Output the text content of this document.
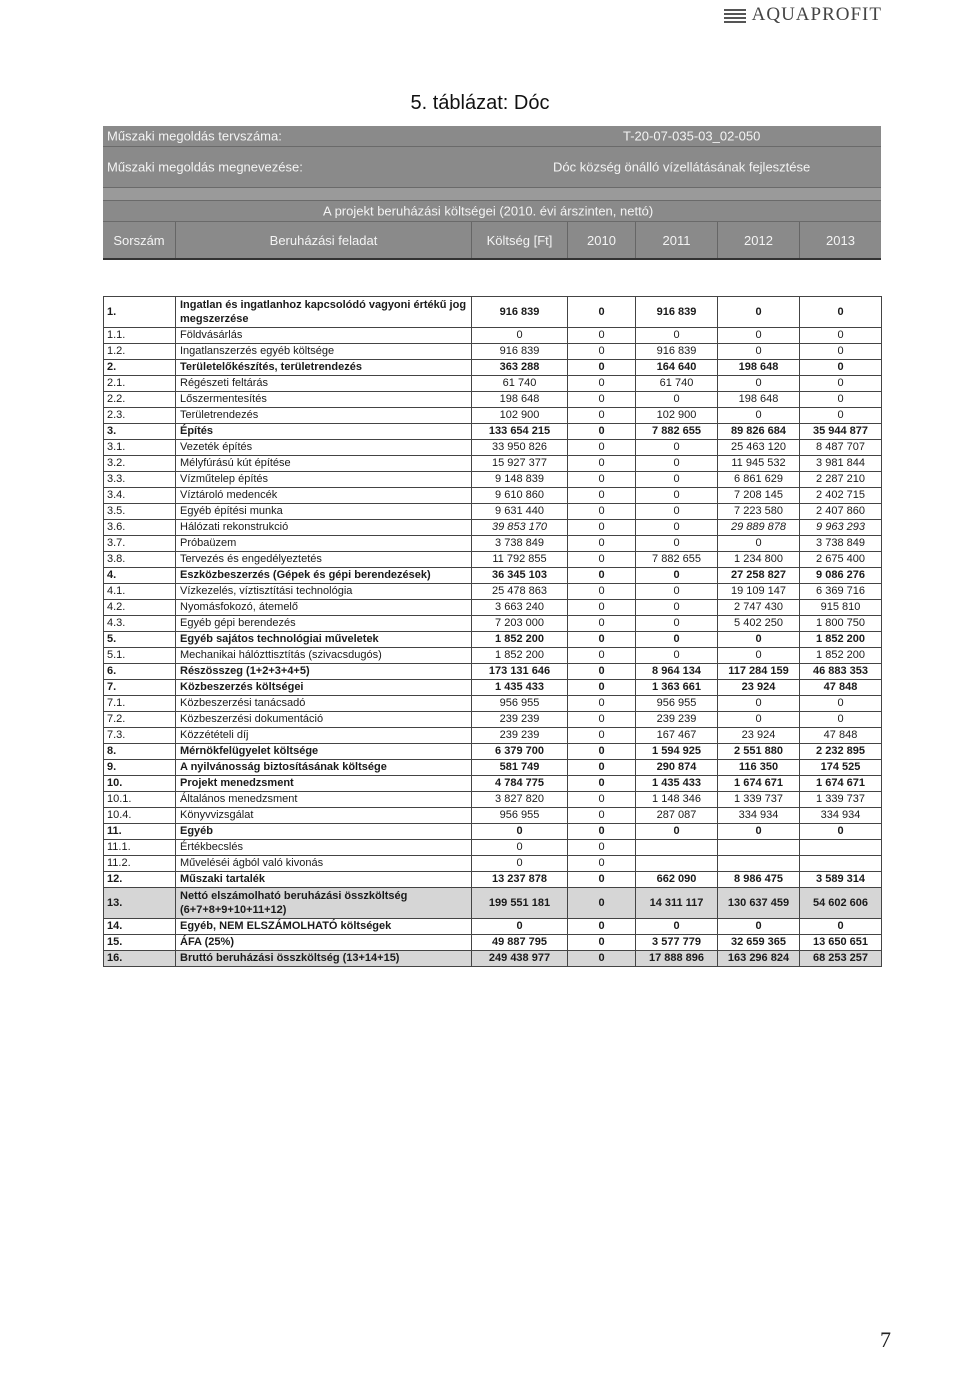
AQUAPROFIT
5. táblázat: Dóc
Műszaki megoldás tervszáma:	T-20-07-035-03_02-050
Műszaki megoldás megnevezése:	Dóc község önálló vízellátásának fejlesztése
A projekt beruházási költségei (2010. évi árszinten, nettó)
Sorszám	Beruházási feladat	Költség [Ft]	2010	2011	2012	2013
1.	Ingatlan és ingatlanhoz kapcsolódó vagyoni értékű jog megszerzése	916 839	0	916 839	0	0
1.1.	Földvásárlás	0	0	0	0	0
1.2.	Ingatlanszerzés egyéb költsége	916 839	0	916 839	0	0
2.	Területelőkészítés, területrendezés	363 288	0	164 640	198 648	0
2.1.	Régészeti feltárás	61 740	0	61 740	0	0
2.2.	Lőszermentesítés	198 648	0	0	198 648	0
2.3.	Területrendezés	102 900	0	102 900	0	0
3.	Építés	133 654 215	0	7 882 655	89 826 684	35 944 877
3.1.	Vezeték építés	33 950 826	0	0	25 463 120	8 487 707
3.2.	Mélyfúrású kút építése	15 927 377	0	0	11 945 532	3 981 844
3.3.	Vízműtelep építés	9 148 839	0	0	6 861 629	2 287 210
3.4.	Víztároló medencék	9 610 860	0	0	7 208 145	2 402 715
3.5.	Egyéb építési munka	9 631 440	0	0	7 223 580	2 407 860
3.6.	Hálózati rekonstrukció	39 853 170	0	0	29 889 878	9 963 293
3.7.	Próbaüzem	3 738 849	0	0	0	3 738 849
3.8.	Tervezés és engedélyeztetés	11 792 855	0	7 882 655	1 234 800	2 675 400
4.	Eszközbeszerzés (Gépek és gépi berendezések)	36 345 103	0	0	27 258 827	9 086 276
4.1.	Vízkezelés, víztisztítási technológia	25 478 863	0	0	19 109 147	6 369 716
4.2.	Nyomásfokozó, átemelő	3 663 240	0	0	2 747 430	915 810
4.3.	Egyéb gépi berendezés	7 203 000	0	0	5 402 250	1 800 750
5.	Egyéb sajátos technológiai műveletek	1 852 200	0	0	0	1 852 200
5.1.	Mechanikai hálózttisztítás (szivacsdugós)	1 852 200	0	0	0	1 852 200
6.	Részösszeg (1+2+3+4+5)	173 131 646	0	8 964 134	117 284 159	46 883 353
7.	Közbeszerzés költségei	1 435 433	0	1 363 661	23 924	47 848
7.1.	Közbeszerzési tanácsadó	956 955	0	956 955	0	0
7.2.	Közbeszerzési dokumentáció	239 239	0	239 239	0	0
7.3.	Közzétételi díj	239 239	0	167 467	23 924	47 848
8.	Mérnökfelügyelet költsége	6 379 700	0	1 594 925	2 551 880	2 232 895
9.	A nyilvánosság biztosításának költsége	581 749	0	290 874	116 350	174 525
10.	Projekt menedzsment	4 784 775	0	1 435 433	1 674 671	1 674 671
10.1.	Általános menedzsment	3 827 820	0	1 148 346	1 339 737	1 339 737
10.4.	Könyvvizsgálat	956 955	0	287 087	334 934	334 934
11.	Egyéb	0	0	0	0	0
11.1.	Értékbecslés	0	0			
11.2.	Műveléséi ágból való kivonás	0	0			
12.	Műszaki tartalék	13 237 878	0	662 090	8 986 475	3 589 314
13.	Nettó elszámolható beruházási összköltség (6+7+8+9+10+11+12)	199 551 181	0	14 311 117	130 637 459	54 602 606
14.	Egyéb, NEM ELSZÁMOLHATÓ költségek	0	0	0	0	0
15.	ÁFA (25%)	49 887 795	0	3 577 779	32 659 365	13 650 651
16.	Bruttó beruházási összköltség (13+14+15)	249 438 977	0	17 888 896	163 296 824	68 253 257
7
